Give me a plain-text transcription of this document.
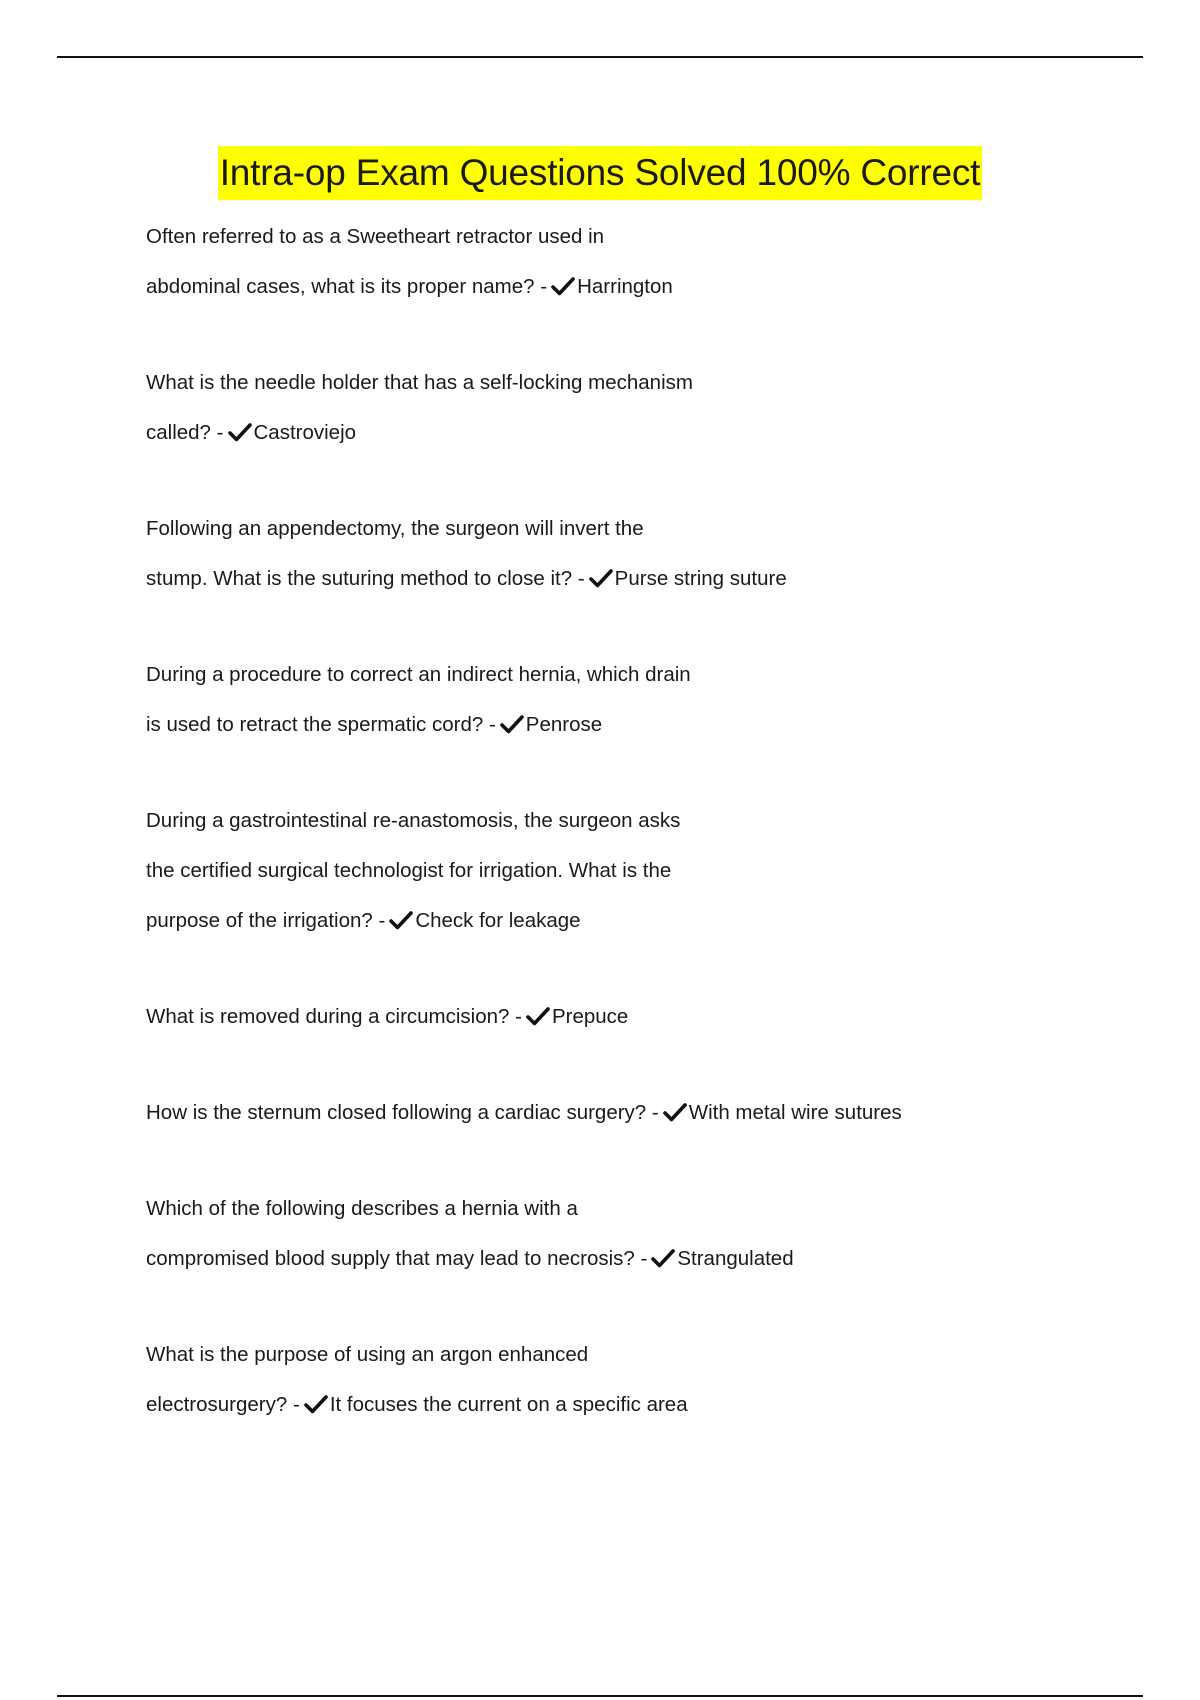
Intra-op Exam Questions Solved 100% Correct
Often referred to as a Sweetheart retractor used in
abdominal cases, what is its proper name? - Harrington
What is the needle holder that has a self-locking mechanism
called? - Castroviejo
Following an appendectomy, the surgeon will invert the
stump. What is the suturing method to close it? - Purse string suture
During a procedure to correct an indirect hernia, which drain
is used to retract the spermatic cord? - Penrose
During a gastrointestinal re-anastomosis, the surgeon asks
the certified surgical technologist for irrigation. What is the
purpose of the irrigation? - Check for leakage
What is removed during a circumcision? - Prepuce
How is the sternum closed following a cardiac surgery? - With metal wire sutures
Which of the following describes a hernia with a
compromised blood supply that may lead to necrosis? - Strangulated
What is the purpose of using an argon enhanced
electrosurgery? - It focuses the current on a specific area
